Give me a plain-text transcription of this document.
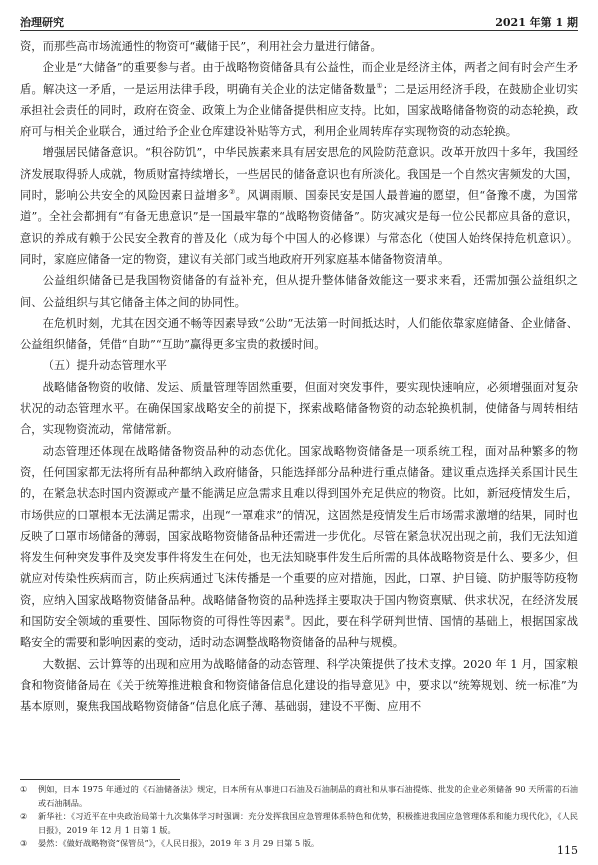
治理研究	2021 年第 1 期

资，而那些高市场流通性的物资可“藏储于民”，利用社会力量进行储备。

企业是“大储备”的重要参与者。由于战略物资储备具有公益性，而企业是经济主体，两者之间有时会产生矛盾。解决这一矛盾，一是运用法律手段，明确有关企业的法定储备数量①；二是运用经济手段，在鼓励企业切实承担社会责任的同时，政府在资金、政策上为企业储备提供相应支持。比如，国家战略储备物资的动态轮换，政府可与相关企业联合，通过给予企业仓库建设补贴等方式，利用企业周转库存实现物资的动态轮换。

增强居民储备意识。“积谷防饥”，中华民族素来具有居安思危的风险防范意识。改革开放四十多年，我国经济发展取得骄人成就，物质财富持续增长，一些居民的储备意识也有所淡化。我国是一个自然灾害频发的大国，同时，影响公共安全的风险因素日益增多②。风调雨顺、国泰民安是国人最普遍的愿望，但“备豫不虞，为国常道”。全社会都拥有“有备无患意识”是一国最牢靠的“战略物资储备”。防灾减灾是每一位公民都应具备的意识，意识的养成有赖于公民安全教育的普及化（成为每个中国人的必修课）与常态化（使国人始终保持危机意识）。同时，家庭应储备一定的物资，建议有关部门或当地政府开列家庭基本储备物资清单。

公益组织储备已是我国物资储备的有益补充，但从提升整体储备效能这一要求来看，还需加强公益组织之间、公益组织与其它储备主体之间的协同性。

在危机时刻，尤其在因交通不畅等因素导致“公助”无法第一时间抵达时，人们能依靠家庭储备、企业储备、公益组织储备，凭借“自助”“互助”赢得更多宝贵的救援时间。

（五）提升动态管理水平

战略储备物资的收储、发运、质量管理等固然重要，但面对突发事件，要实现快速响应，必须增强面对复杂状况的动态管理水平。在确保国家战略安全的前提下，探索战略储备物资的动态轮换机制，使储备与周转相结合，实现物资流动，常储常新。

动态管理还体现在战略储备物资品种的动态优化。国家战略物资储备是一项系统工程，面对品种繁多的物资，任何国家都无法将所有品种都纳入政府储备，只能选择部分品种进行重点储备。建议重点选择关系国计民生的，在紧急状态时国内资源或产量不能满足应急需求且难以得到国外充足供应的物资。比如，新冠疫情发生后，市场供应的口罩根本无法满足需求，出现“一罩难求”的情况，这固然是疫情发生后市场需求激增的结果，同时也反映了口罩市场储备的薄弱，国家战略物资储备品种还需进一步优化。尽管在紧急状况出现之前，我们无法知道将发生何种突发事件及突发事件将发生在何处，也无法知晓事件发生后所需的具体战略物资是什么、要多少，但就应对传染性疾病而言，防止疾病通过飞沫传播是一个重要的应对措施，因此，口罩、护目镜、防护服等防疫物资，应纳入国家战略物资储备品种。战略储备物资的品种选择主要取决于国内物资禀赋、供求状况，在经济发展和国防安全领域的重要性、国际物资的可得性等因素③。因此，要在科学研判世情、国情的基础上，根据国家战略安全的需要和影响因素的变动，适时动态调整战略物资储备的品种与规模。

大数据、云计算等的出现和应用为战略储备的动态管理、科学决策提供了技术支撑。2020 年 1 月，国家粮食和物资储备局在《关于统筹推进粮食和物资储备信息化建设的指导意见》中，要求以“统筹规划、统一标准”为基本原则，聚焦我国战略物资储备“信息化底子薄、基础弱，建设不平衡、应用不

①	例如，日本 1975 年通过的《石油储备法》规定，日本所有从事进口石油及石油制品的商社和从事石油提炼、批发的企业必须储备 90 天所需的石油或石油制品。

②	新华社：《习近平在中央政治局第十九次集体学习时强调：充分发挥我国应急管理体系特色和优势，积极推进我国应急管理体系和能力现代化》，《人民日报》，2019 年 12 月 1 日第 1 版。

③	晏然：《做好战略物资“保管员”》，《人民日报》，2019 年 3 月 29 日第 5 版。

115
